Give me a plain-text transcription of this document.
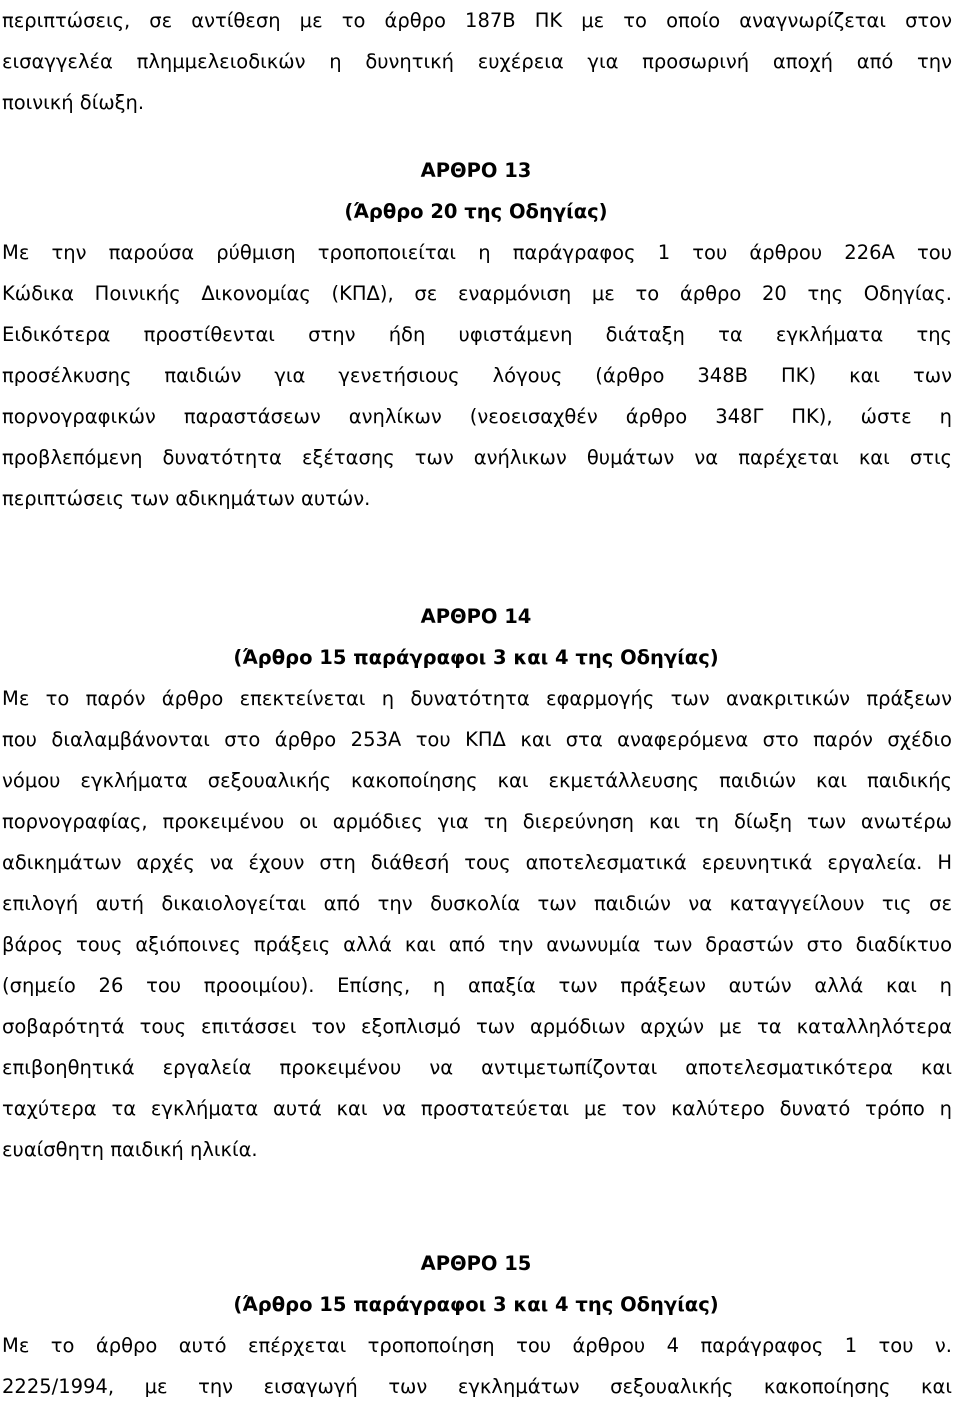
περιπτώσεις, σε αντίθεση με το άρθρο 187Β ΠΚ με το οποίο αναγνωρίζεται στον
εισαγγελέα πλημμελειοδικών η δυνητική ευχέρεια για προσωρινή αποχή από την
ποινική δίωξη.
ΑΡΘΡΟ 13
(Άρθρο 20 της Οδηγίας)
Με την παρούσα ρύθμιση τροποποιείται η παράγραφος 1 του άρθρου 226Α του
Κώδικα Ποινικής Δικονομίας (ΚΠΔ), σε εναρμόνιση με το άρθρο 20 της Οδηγίας.
Ειδικότερα προστίθενται στην ήδη υφιστάμενη διάταξη τα εγκλήματα της
προσέλκυσης παιδιών για γενετήσιους λόγους (άρθρο 348Β ΠΚ) και των
πορνογραφικών παραστάσεων ανηλίκων (νεοεισαχθέν άρθρο 348Γ ΠΚ), ώστε η
προβλεπόμενη δυνατότητα εξέτασης των ανήλικων θυμάτων να παρέχεται και στις
περιπτώσεις των αδικημάτων αυτών.
ΑΡΘΡΟ 14
(Άρθρο 15 παράγραφοι 3 και 4 της Οδηγίας)
Με το παρόν άρθρο επεκτείνεται η δυνατότητα εφαρμογής των ανακριτικών πράξεων
που διαλαμβάνονται στο άρθρο 253Α του ΚΠΔ και στα αναφερόμενα στο παρόν σχέδιο
νόμου εγκλήματα σεξουαλικής κακοποίησης και εκμετάλλευσης παιδιών και παιδικής
πορνογραφίας, προκειμένου οι αρμόδιες για τη διερεύνηση και τη δίωξη των ανωτέρω
αδικημάτων αρχές να έχουν στη διάθεσή τους αποτελεσματικά ερευνητικά εργαλεία. Η
επιλογή αυτή δικαιολογείται από την δυσκολία των παιδιών να καταγγείλουν τις σε
βάρος τους αξιόποινες πράξεις αλλά και από την ανωνυμία των δραστών στο διαδίκτυο
(σημείο 26 του προοιμίου). Επίσης, η απαξία των πράξεων αυτών αλλά και η
σοβαρότητά τους επιτάσσει τον εξοπλισμό των αρμόδιων αρχών με τα καταλληλότερα
επιβοηθητικά εργαλεία προκειμένου να αντιμετωπίζονται αποτελεσματικότερα και
ταχύτερα τα εγκλήματα αυτά και να προστατεύεται με τον καλύτερο δυνατό τρόπο η
ευαίσθητη παιδική ηλικία.
ΑΡΘΡΟ 15
(Άρθρο 15 παράγραφοι 3 και 4 της Οδηγίας)
Με το άρθρο αυτό επέρχεται τροποποίηση του άρθρου 4 παράγραφος 1 του ν.
2225/1994, με την εισαγωγή των εγκλημάτων σεξουαλικής κακοποίησης και
